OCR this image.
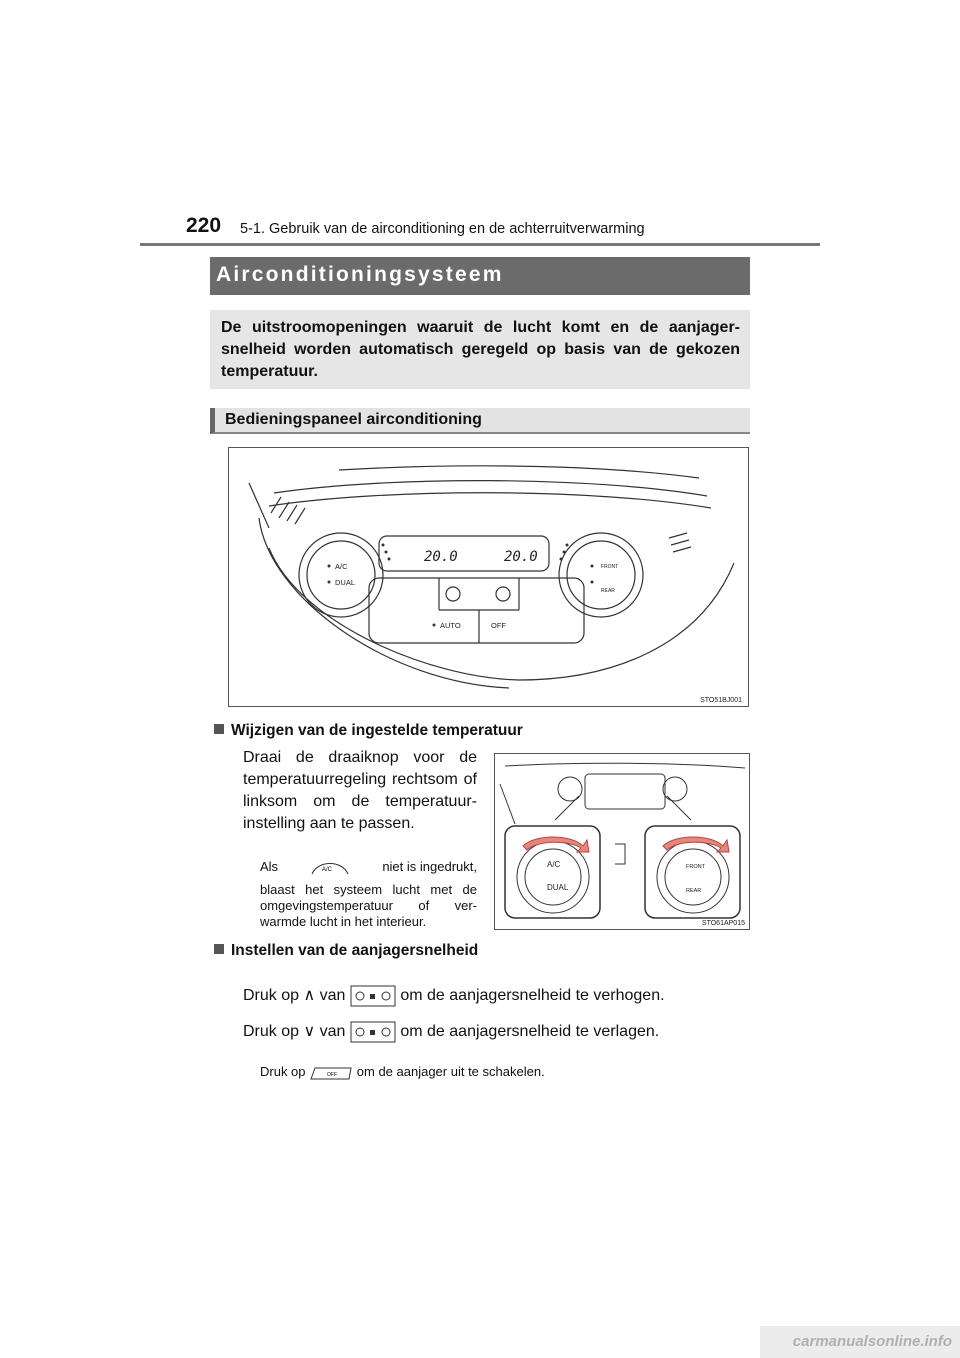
220 5-1. Gebruik van de airconditioning en de achterruitverwarming
Airconditioningsysteem
De uitstroomopeningen waaruit de lucht komt en de aanjager-snelheid worden automatisch geregeld op basis van de gekozen temperatuur.
Bedieningspaneel airconditioning
20.0	20.0
A/C
DUAL
FRONT
REAR
AUTO	OFF
STO51BJ001
Wijzigen van de ingestelde temperatuur
Draai de draaiknop voor de temperatuurregeling rechtsom of linksom om de temperatuur-instelling aan te passen.
Als	A/C	niet is ingedrukt,
blaast het systeem lucht met de omgevingstemperatuur of ver-warmde lucht in het interieur.
A/C
DUAL
FRONT
REAR
STO61AP015
Instellen van de aanjagersnelheid
Druk op ∧ van	om de aanjagersnelheid te verhogen.
Druk op ∨ van	om de aanjagersnelheid te verlagen.
Druk op	OFF om de aanjager uit te schakelen.
carmanualsonline.info
